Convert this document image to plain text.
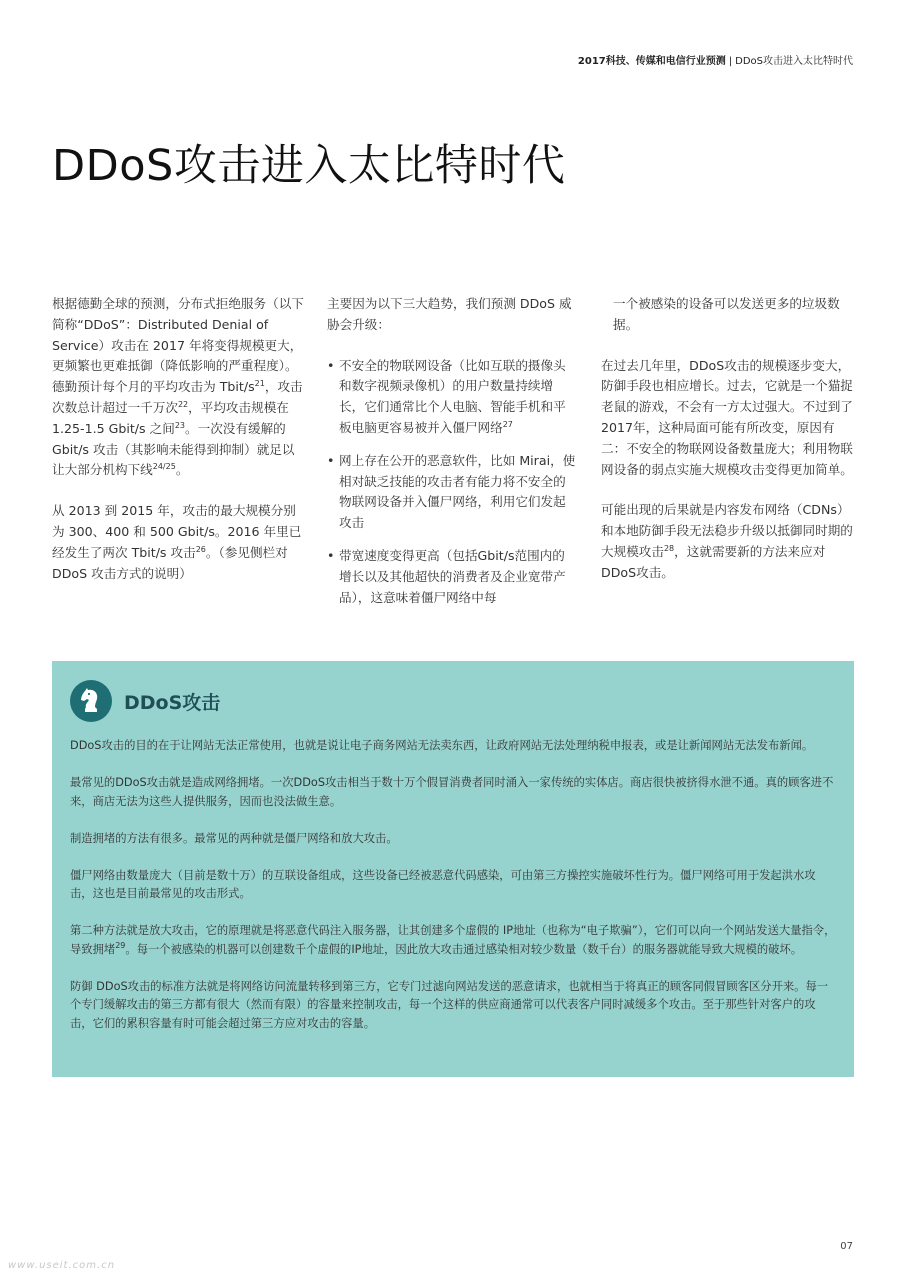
2017科技、传媒和电信行业预测 | DDoS攻击进入太比特时代
DDoS攻击进入太比特时代

根据德勤全球的预测，分布式拒绝服务（以下简称“DDoS”：Distributed Denial of Service）攻击在 2017 年将变得规模更大，更频繁也更难抵御（降低影响的严重程度）。德勤预计每个月的平均攻击为 Tbit/$s^{21}$，攻击次数总计超过一千万次$^{22}$，平均攻击规模在 1.25-1.5 Gbit/s 之间$^{23}$。一次没有缓解的 Gbit/s 攻击（其影响未能得到抑制）就足以让大部分机构下线$^{24/25}$。

从 2013 到 2015 年，攻击的最大规模分别为 300、400 和 500 Gbit/s。2016 年里已经发生了两次 Tbit/s 攻击$^{26}$。（参见侧栏对 DDoS 攻击方式的说明）

主要因为以下三大趋势，我们预测 DDoS 威胁会升级：

• 不安全的物联网设备（比如互联的摄像头和数字视频录像机）的用户数量持续增长，它们通常比个人电脑、智能手机和平板电脑更容易被并入僵尸网络$^{27}$
• 网上存在公开的恶意软件，比如 Mirai，使相对缺乏技能的攻击者有能力将不安全的物联网设备并入僵尸网络，利用它们发起攻击
• 带宽速度变得更高（包括Gbit/s范围内的增长以及其他超快的消费者及企业宽带产品），这意味着僵尸网络中每

一个被感染的设备可以发送更多的垃圾数据。

在过去几年里，DDoS攻击的规模逐步变大，防御手段也相应增长。过去，它就是一个猫捉老鼠的游戏，不会有一方太过强大。不过到了2017年，这种局面可能有所改变，原因有二：不安全的物联网设备数量庞大；利用物联网设备的弱点实施大规模攻击变得更加简单。

可能出现的后果就是内容发布网络（CDNs）和本地防御手段无法稳步升级以抵御同时期的大规模攻击$^{28}$，这就需要新的方法来应对DDoS攻击。

DDoS攻击

DDoS攻击的目的在于让网站无法正常使用，也就是说让电子商务网站无法卖东西，让政府网站无法处理纳税申报表，或是让新闻网站无法发布新闻。

最常见的DDoS攻击就是造成网络拥堵。一次DDoS攻击相当于数十万个假冒消费者同时涌入一家传统的实体店。商店很快被挤得水泄不通。真的顾客进不来，商店无法为这些人提供服务，因而也没法做生意。

制造拥堵的方法有很多。最常见的两种就是僵尸网络和放大攻击。

僵尸网络由数量庞大（目前是数十万）的互联设备组成，这些设备已经被恶意代码感染，可由第三方操控实施破坏性行为。僵尸网络可用于发起洪水攻击，这也是目前最常见的攻击形式。

第二种方法就是放大攻击，它的原理就是将恶意代码注入服务器，让其创建多个虚假的 IP地址（也称为“电子欺骗”），它们可以向一个网站发送大量指令，导致拥堵$^{29}$。每一个被感染的机器可以创建数千个虚假的IP地址，因此放大攻击通过感染相对较少数量（数千台）的服务器就能导致大规模的破坏。

防御 DDoS攻击的标准方法就是将网络访问流量转移到第三方，它专门过滤向网站发送的恶意请求，也就相当于将真正的顾客同假冒顾客区分开来。每一个专门缓解攻击的第三方都有很大（然而有限）的容量来控制攻击，每一个这样的供应商通常可以代表客户同时减缓多个攻击。至于那些针对客户的攻击，它们的累积容量有时可能会超过第三方应对攻击的容量。

07
www.useit.com.cn
